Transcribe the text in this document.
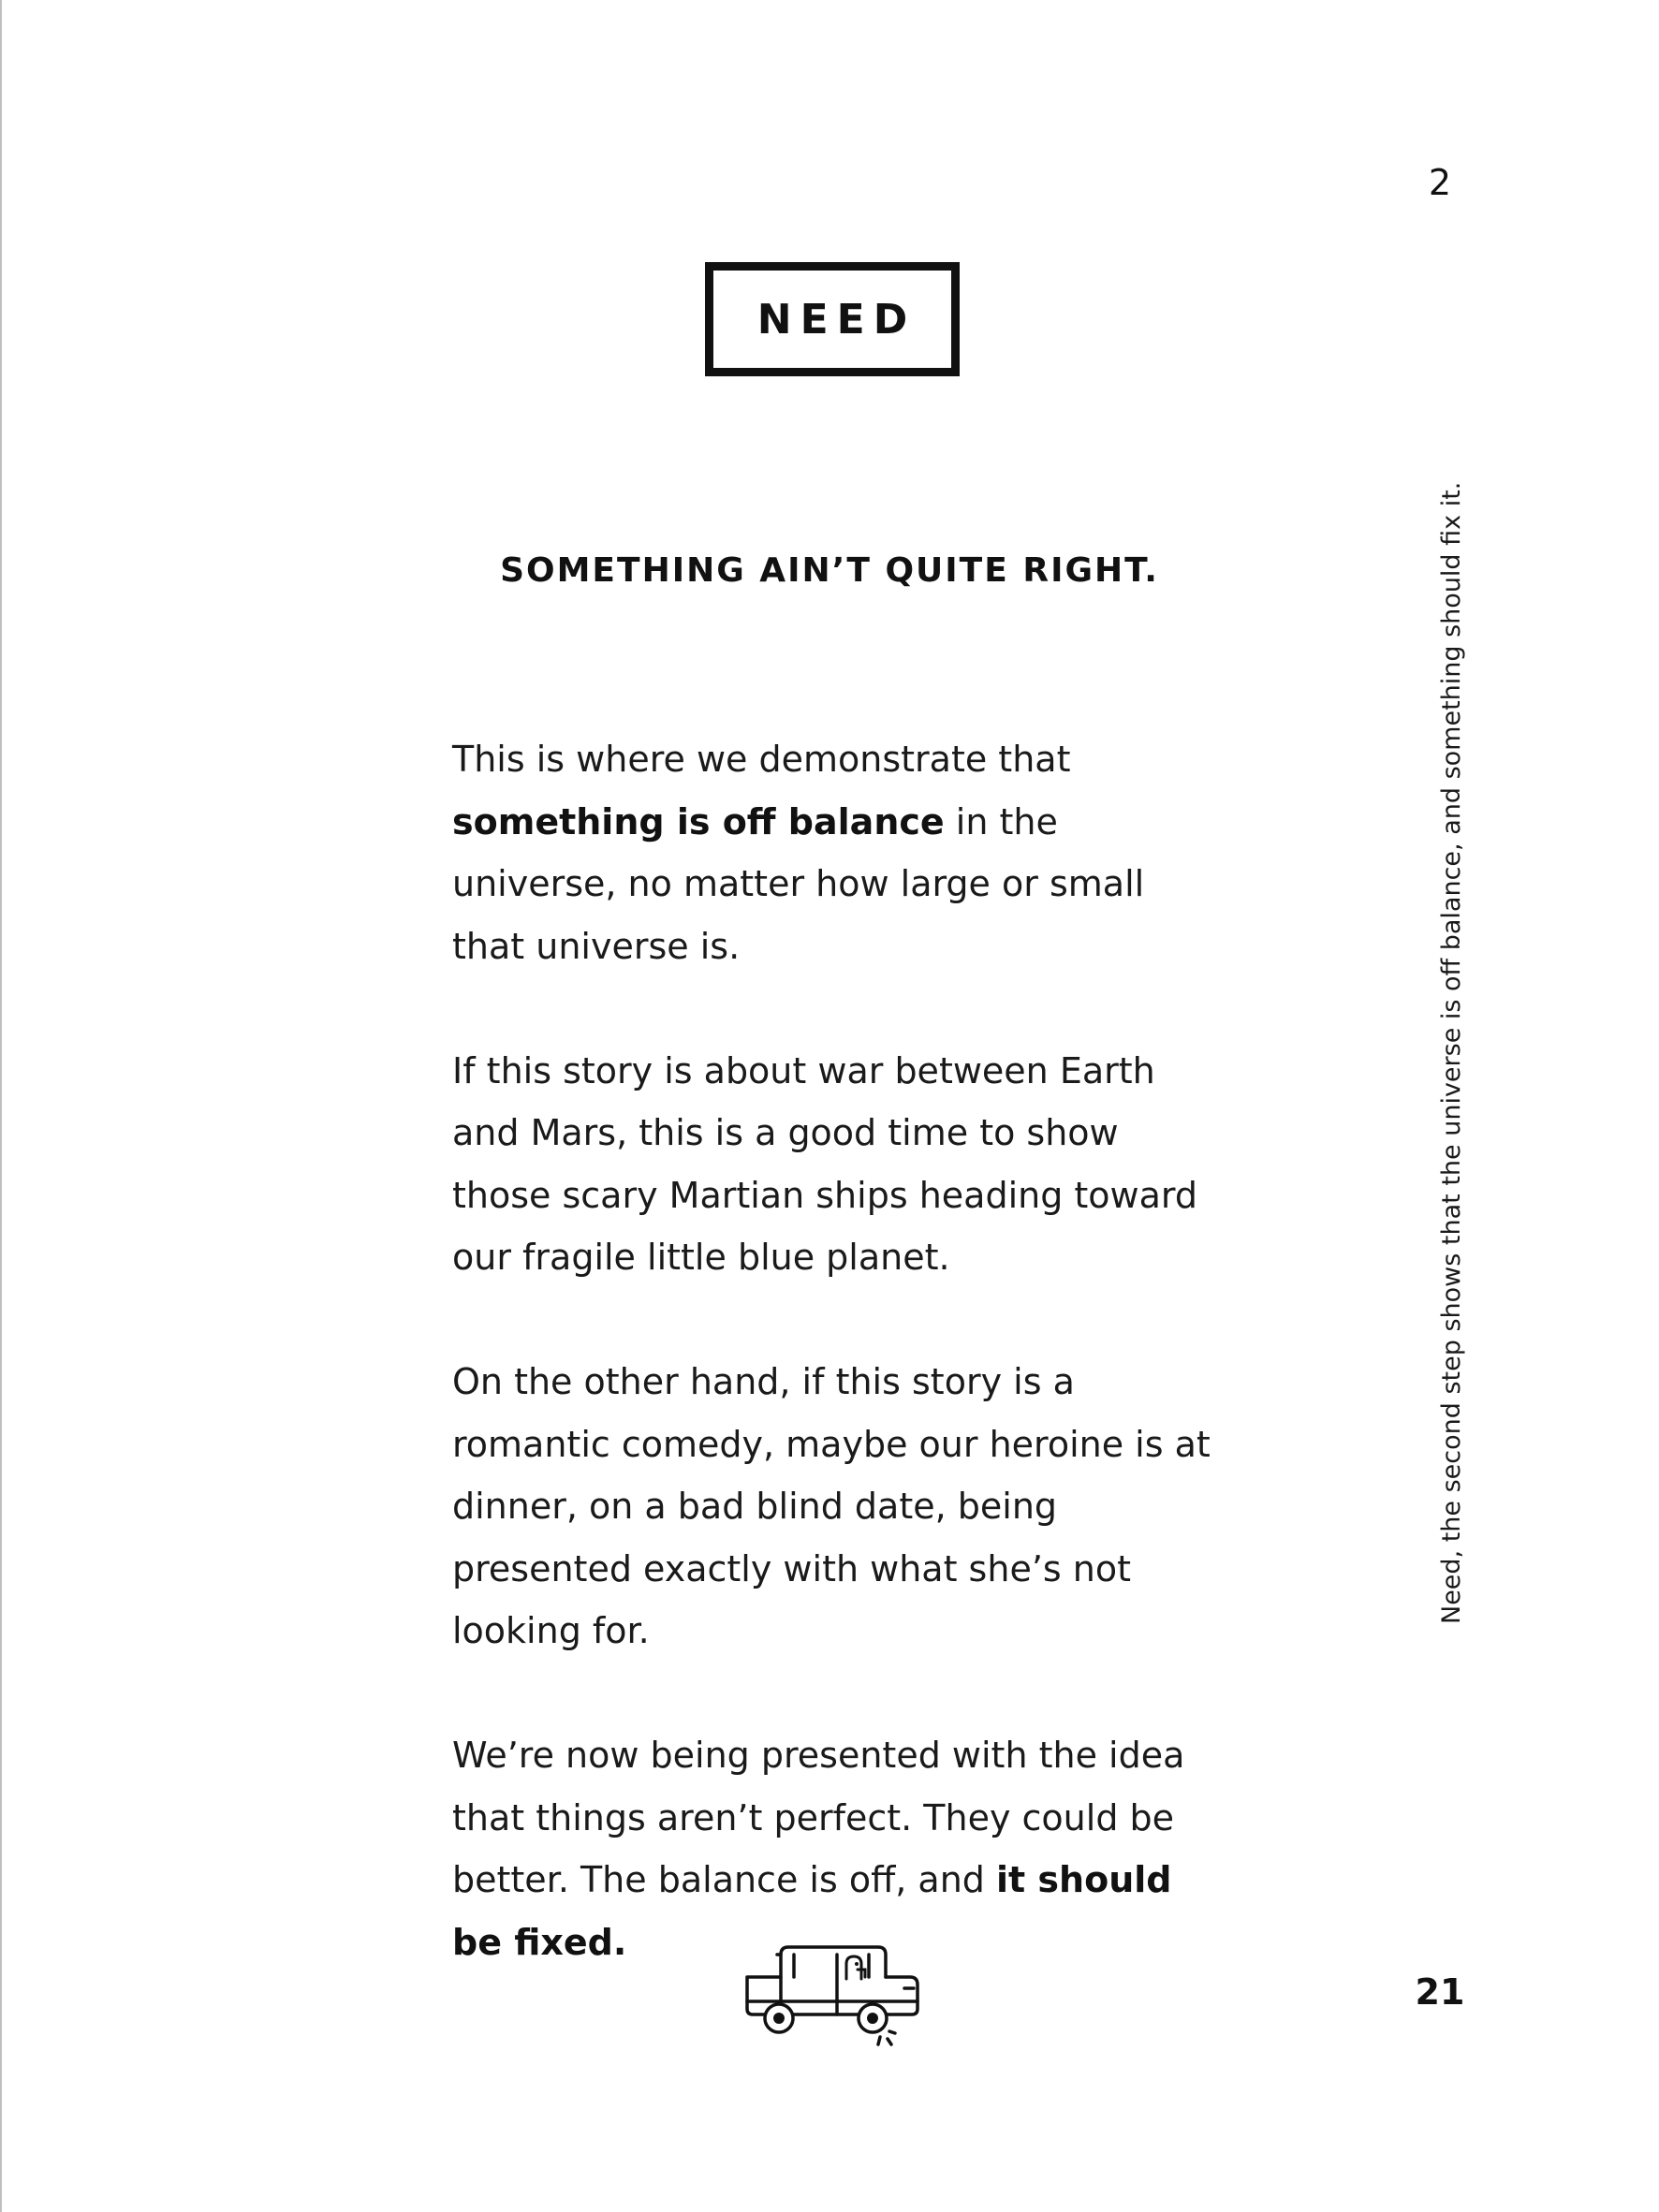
2
NEED
SOMETHING AIN’T QUITE RIGHT.

This is where we demonstrate that something is off balance in the universe, no matter how large or small that universe is.

If this story is about war between Earth and Mars, this is a good time to show those scary Martian ships heading toward our fragile little blue planet.

On the other hand, if this story is a romantic comedy, maybe our heroine is at dinner, on a bad blind date, being presented exactly with what she’s not looking for.

We’re now being presented with the idea that things aren’t perfect. They could be better. The balance is off, and it should be fixed.

Need, the second step shows that the universe is off balance, and something should fix it.
21
